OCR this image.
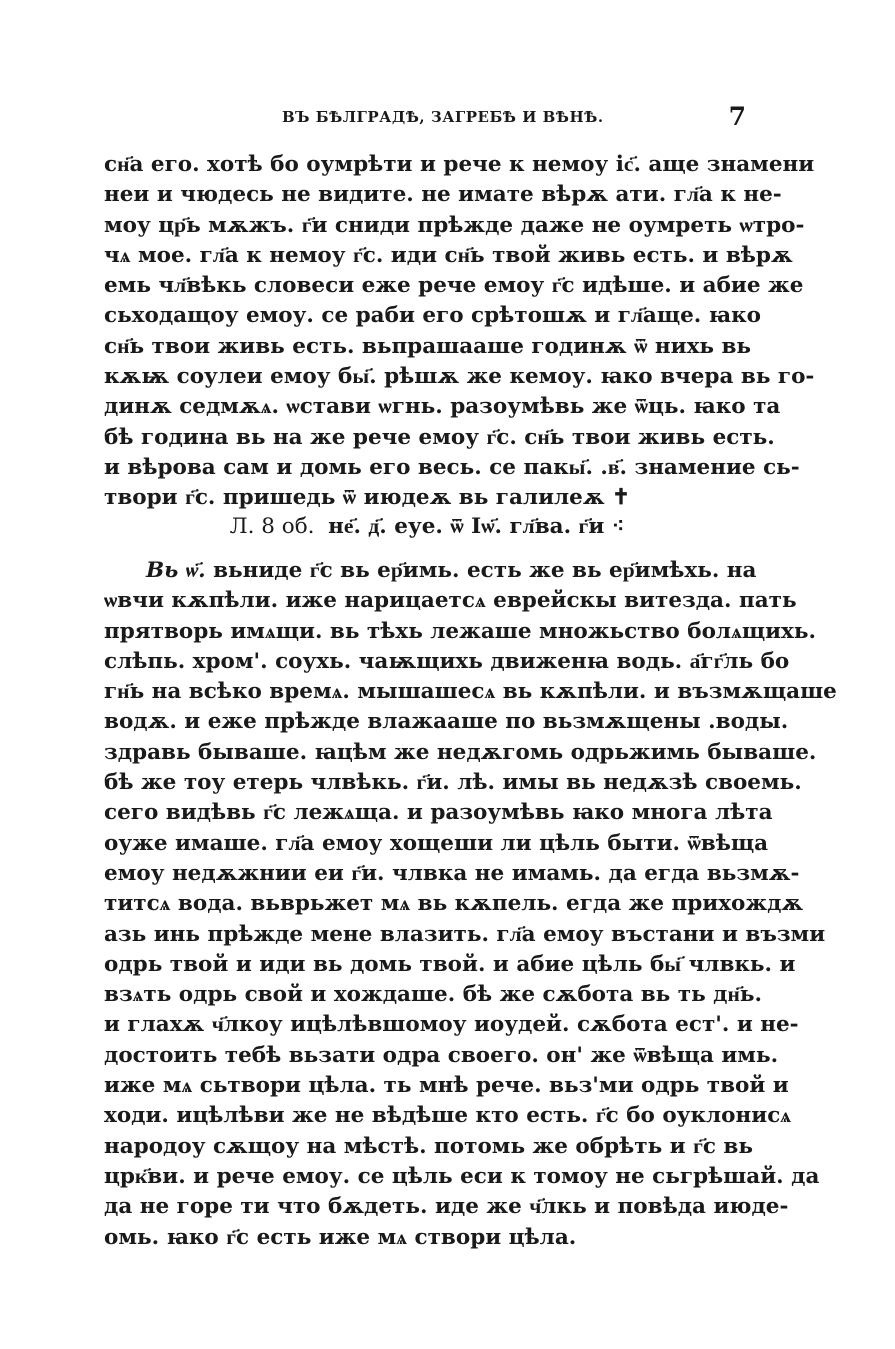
ВЪ БѢЛГРАДѢ, ЗАГРЕБѢ И ВѢНѢ.	7
сн҃а его. хотѣ бо оумрѣти и рече к немоу іс҃. аще знамени
неи и чюдесь не видите. не имате вѣрѫ ати. гл҃а к не-
моу цр҃ь мѫжъ. г҃и сниди прѣжде даже не оумреть ѡтро-
чѧ мое. гл҃а к немоу г҃с. иди сн҃ь твой живь есть. и вѣрѫ
емь чл҃вѣкь словеси еже рече емоу г҃с идѣше. и абие же
сьходащоу емоу. се раби его срѣтошѫ и гл҃аще. ꙗко
сн҃ь твои живь есть. вьпрашааше годинѫ ѿ нихь вь
кѫѭ соулеи емоу бы҃. рѣшѫ же кемоу. ꙗко вчера вь го-
динѫ седмѫѧ. ѡстави ѡгнь. разоумѣвь же ѿць. ꙗко та
бѣ година вь на же рече емоу г҃с. сн҃ь твои живь есть.
и вѣрова сам и домь его весь. се пакы҃. .в҃. знамение сь-
твори г҃с. пришедь ѿ июдеѫ вь галилеѫ ✝
Л. 8 об. не҃. д҃. еуе. ѿ Іѡ҃. гл҃ва. г҃и ⁖
Вь ѡ҃. вьниде г҃с вь ер҃имь. есть же вь ер҃имѣхь. на
ѡвчи кѫпѣли. иже нарицаетсѧ еврейскы витезда. пать
прятворь имѧщи. вь тѣхь лежаше множьство болѧщихь.
слѣпь. хром'. соухь. чаѭщихь движенꙗ водь. а҃гг҃ль бо
гн҃ь на всѣко времѧ. мышашесѧ вь кѫпѣли. и възмѫщаше
водѫ. и еже прѣжде влажааше по вьзмѫщены .воды.
здравь бываше. ꙗцѣм же недѫгомь одрьжимь бываше.
бѣ же тоу етерь члвѣкь. г҃и. лѣ. имы вь недѫзѣ своемь.
сего видѣвь г҃с лежѧща. и разоумѣвь ꙗко многа лѣта
оуже имаше. гл҃а емоу хощеши ли цѣль быти. ѿвѣща
емоу недѫжнии еи г҃и. члвка не имамь. да егда вьзмѫ-
титсѧ вода. вьврьжет мѧ вь кѫпель. егда же прихождѫ
азь инь прѣжде мене влазить. гл҃а емоу въстани и възми
одрь твой и иди вь домь твой. и абие цѣль бы҃ члвкь. и
взѧть одрь свой и хождаше. бѣ же сѫбота вь ть дн҃ь.
и глахѫ ч҃лкоу ицѣлѣвшомоу иоудей. сѫбота ест'. и не-
достоить тебѣ вьзати одра своего. он' же ѿвѣща имь.
иже мѧ сьтвори цѣла. ть мнѣ рече. вьз'ми одрь твой и
ходи. ицѣлѣви же не вѣдѣше кто есть. г҃с бо оуклонисѧ
народоу сѫщоу на мѣстѣ. потомь же обрѣть и г҃с вь
црк҃ви. и рече емоу. се цѣль еси к томоу не сьгрѣшай. да
да не горе ти что бѫдеть. иде же ч҃лкь и повѣда июде-
омь. ꙗко г҃с есть иже мѧ створи цѣла.
